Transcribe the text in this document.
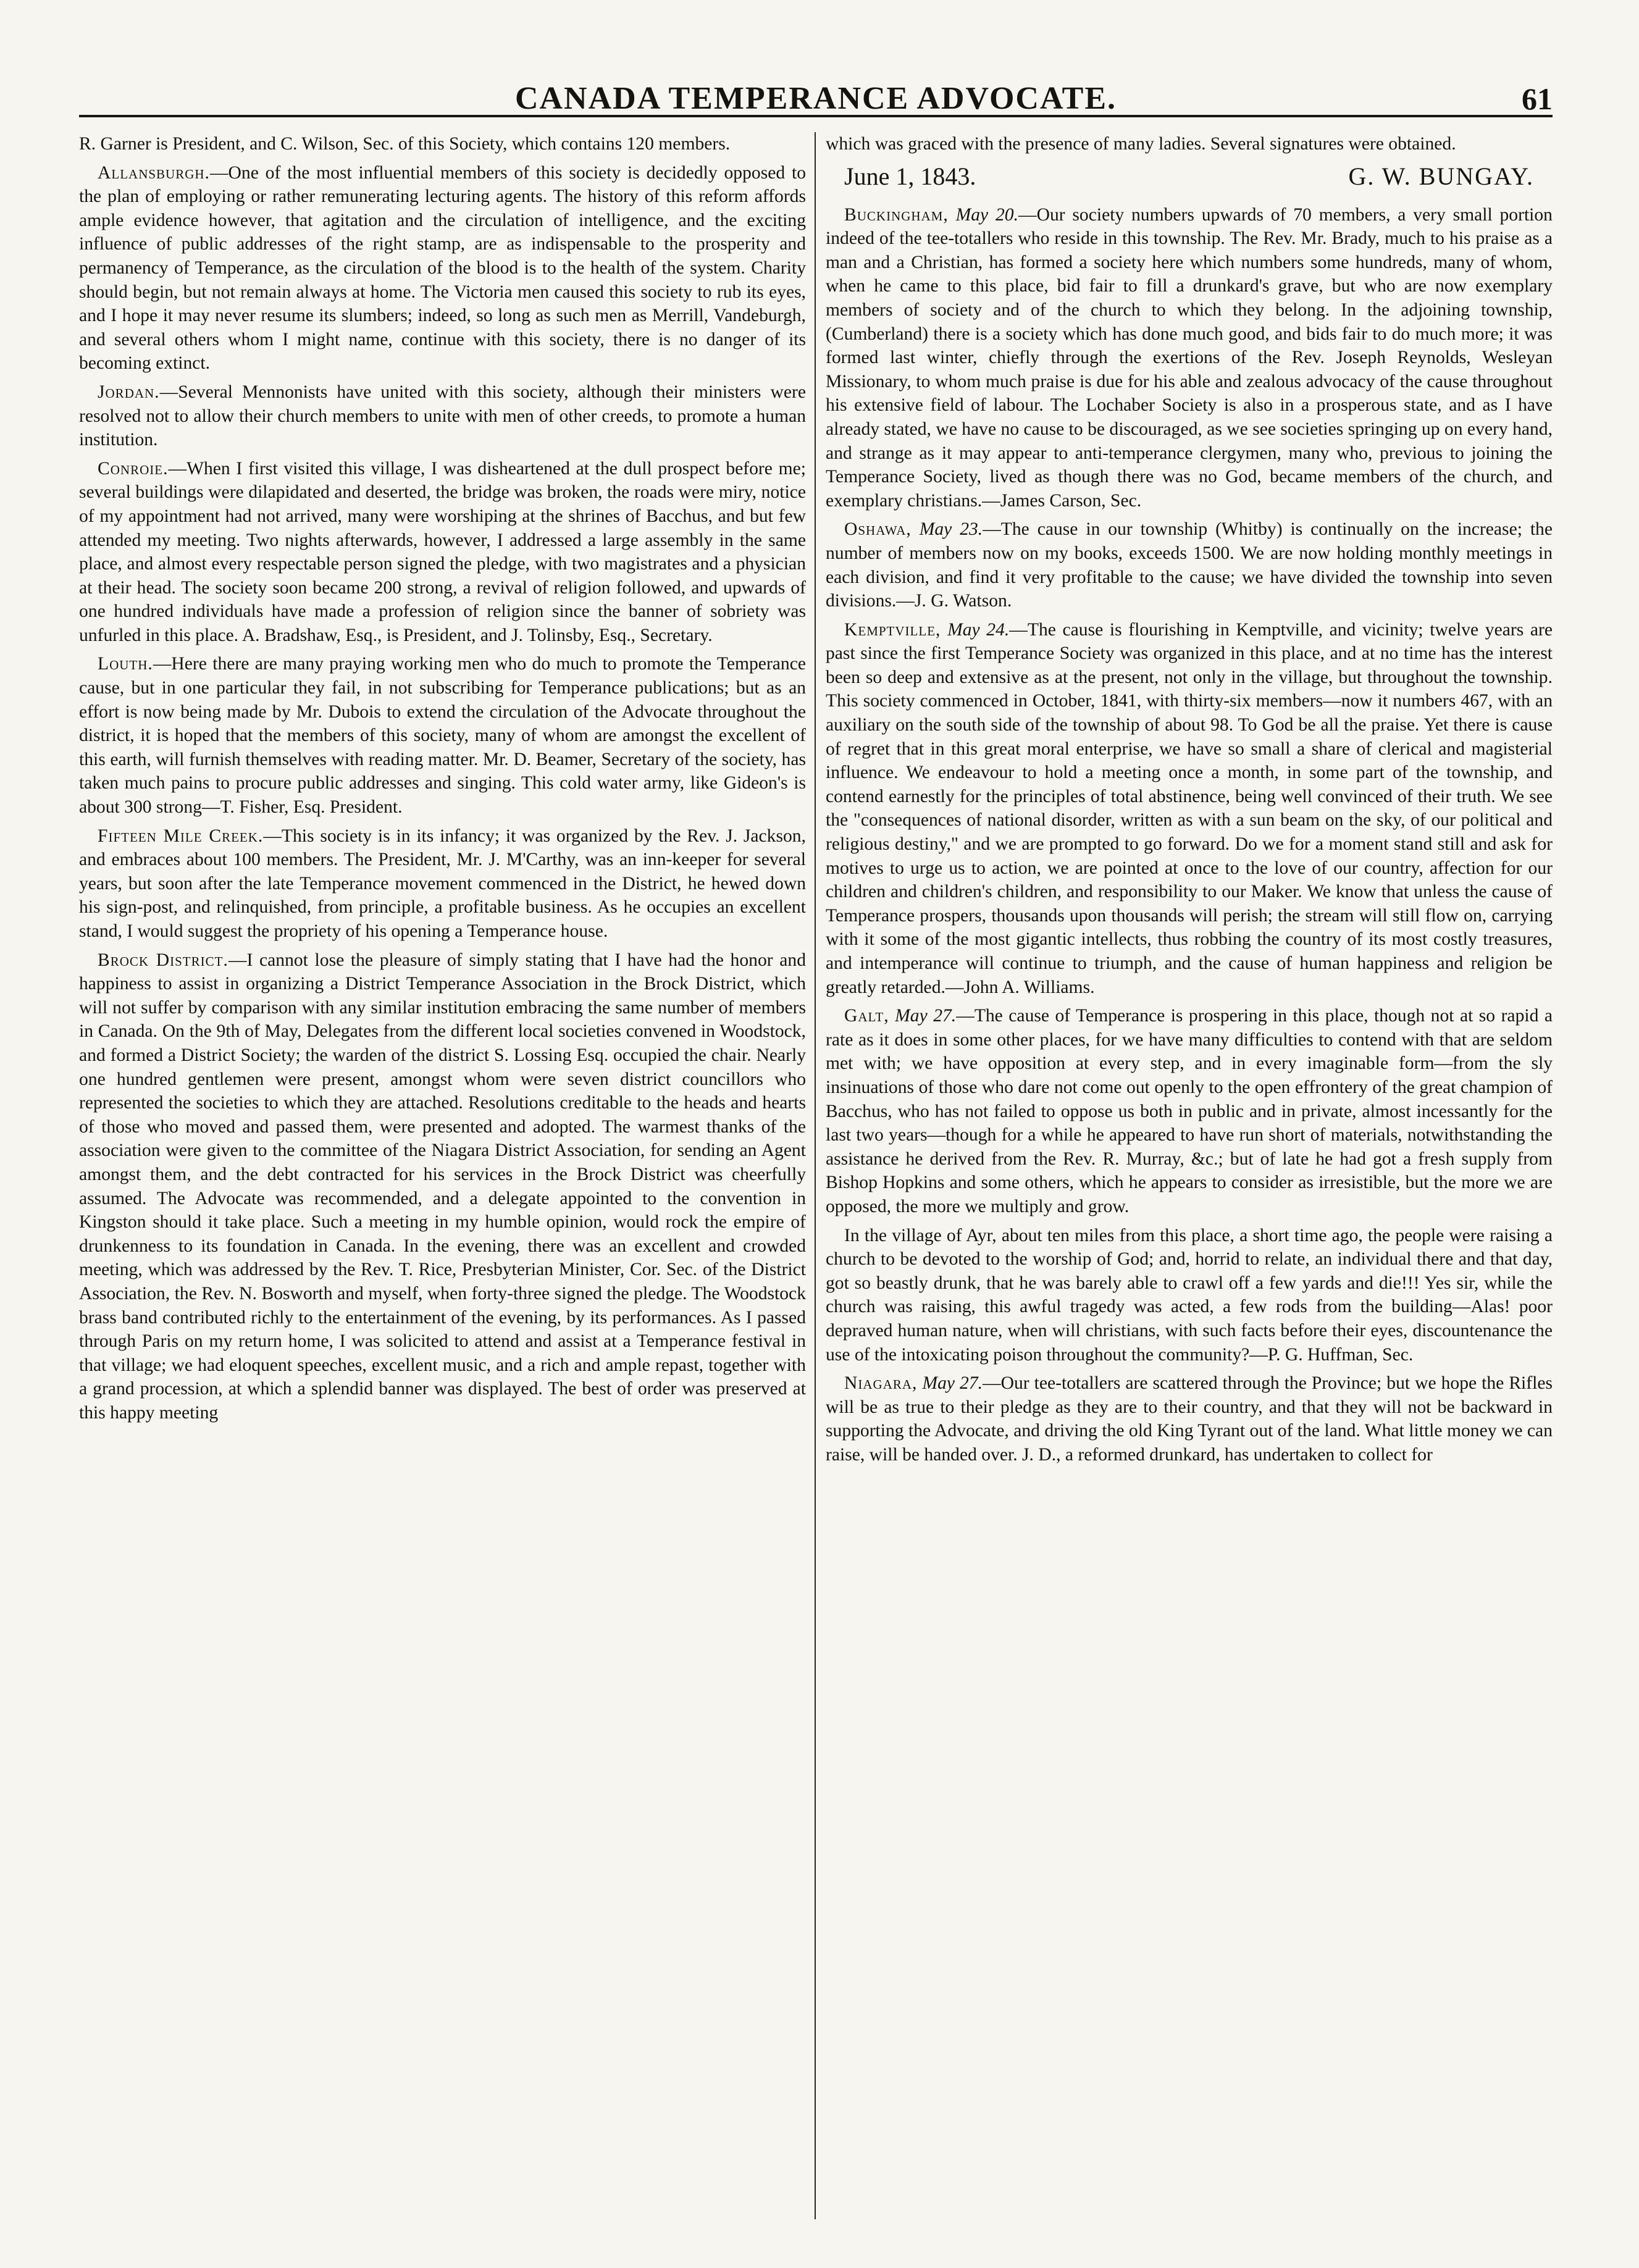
CANADA TEMPERANCE ADVOCATE.	61

R. Garner is President, and C. Wilson, Sec. of this Society, which contains 120 members.

Allansburgh.—One of the most influential members of this society is decidedly opposed to the plan of employing or rather remunerating lecturing agents. The history of this reform affords ample evidence however, that agitation and the circulation of intelligence, and the exciting influence of public addresses of the right stamp, are as indispensable to the prosperity and permanency of Temperance, as the circulation of the blood is to the health of the system. Charity should begin, but not remain always at home. The Victoria men caused this society to rub its eyes, and I hope it may never resume its slumbers; indeed, so long as such men as Merrill, Vandeburgh, and several others whom I might name, continue with this society, there is no danger of its becoming extinct.

Jordan.—Several Mennonists have united with this society, although their ministers were resolved not to allow their church members to unite with men of other creeds, to promote a human institution.

Conroie.—When I first visited this village, I was disheartened at the dull prospect before me; several buildings were dilapidated and deserted, the bridge was broken, the roads were miry, notice of my appointment had not arrived, many were worshiping at the shrines of Bacchus, and but few attended my meeting. Two nights afterwards, however, I addressed a large assembly in the same place, and almost every respectable person signed the pledge, with two magistrates and a physician at their head. The society soon became 200 strong, a revival of religion followed, and upwards of one hundred individuals have made a profession of religion since the banner of sobriety was unfurled in this place. A. Bradshaw, Esq., is President, and J. Tolinsby, Esq., Secretary.

Louth.—Here there are many praying working men who do much to promote the Temperance cause, but in one particular they fail, in not subscribing for Temperance publications; but as an effort is now being made by Mr. Dubois to extend the circulation of the Advocate throughout the district, it is hoped that the members of this society, many of whom are amongst the excellent of this earth, will furnish themselves with reading matter. Mr. D. Beamer, Secretary of the society, has taken much pains to procure public addresses and singing. This cold water army, like Gideon's is about 300 strong—T. Fisher, Esq. President.

Fifteen Mile Creek.—This society is in its infancy; it was organized by the Rev. J. Jackson, and embraces about 100 members. The President, Mr. J. M'Carthy, was an inn-keeper for several years, but soon after the late Temperance movement commenced in the District, he hewed down his sign-post, and relinquished, from principle, a profitable business. As he occupies an excellent stand, I would suggest the propriety of his opening a Temperance house.

Brock District.—I cannot lose the pleasure of simply stating that I have had the honor and happiness to assist in organizing a District Temperance Association in the Brock District, which will not suffer by comparison with any similar institution embracing the same number of members in Canada. On the 9th of May, Delegates from the different local societies convened in Woodstock, and formed a District Society; the warden of the district S. Lossing Esq. occupied the chair. Nearly one hundred gentlemen were present, amongst whom were seven district councillors who represented the societies to which they are attached. Resolutions creditable to the heads and hearts of those who moved and passed them, were presented and adopted. The warmest thanks of the association were given to the committee of the Niagara District Association, for sending an Agent amongst them, and the debt contracted for his services in the Brock District was cheerfully assumed. The Advocate was recommended, and a delegate appointed to the convention in Kingston should it take place. Such a meeting in my humble opinion, would rock the empire of drunkenness to its foundation in Canada. In the evening, there was an excellent and crowded meeting, which was addressed by the Rev. T. Rice, Presbyterian Minister, Cor. Sec. of the District Association, the Rev. N. Bosworth and myself, when forty-three signed the pledge. The Woodstock brass band contributed richly to the entertainment of the evening, by its performances. As I passed through Paris on my return home, I was solicited to attend and assist at a Temperance festival in that village; we had eloquent speeches, excellent music, and a rich and ample repast, together with a grand procession, at which a splendid banner was displayed. The best of order was preserved at this happy meeting

which was graced with the presence of many ladies. Several signatures were obtained.

June 1, 1843.	G. W. BUNGAY.

Buckingham, May 20.—Our society numbers upwards of 70 members, a very small portion indeed of the tee-totallers who reside in this township. The Rev. Mr. Brady, much to his praise as a man and a Christian, has formed a society here which numbers some hundreds, many of whom, when he came to this place, bid fair to fill a drunkard's grave, but who are now exemplary members of society and of the church to which they belong. In the adjoining township, (Cumberland) there is a society which has done much good, and bids fair to do much more; it was formed last winter, chiefly through the exertions of the Rev. Joseph Reynolds, Wesleyan Missionary, to whom much praise is due for his able and zealous advocacy of the cause throughout his extensive field of labour. The Lochaber Society is also in a prosperous state, and as I have already stated, we have no cause to be discouraged, as we see societies springing up on every hand, and strange as it may appear to anti-temperance clergymen, many who, previous to joining the Temperance Society, lived as though there was no God, became members of the church, and exemplary christians.—James Carson, Sec.

Oshawa, May 23.—The cause in our township (Whitby) is continually on the increase; the number of members now on my books, exceeds 1500. We are now holding monthly meetings in each division, and find it very profitable to the cause; we have divided the township into seven divisions.—J. G. Watson.

Kemptville, May 24.—The cause is flourishing in Kemptville, and vicinity; twelve years are past since the first Temperance Society was organized in this place, and at no time has the interest been so deep and extensive as at the present, not only in the village, but throughout the township. This society commenced in October, 1841, with thirty-six members—now it numbers 467, with an auxiliary on the south side of the township of about 98. To God be all the praise. Yet there is cause of regret that in this great moral enterprise, we have so small a share of clerical and magisterial influence. We endeavour to hold a meeting once a month, in some part of the township, and contend earnestly for the principles of total abstinence, being well convinced of their truth. We see the "consequences of national disorder, written as with a sun beam on the sky, of our political and religious destiny," and we are prompted to go forward. Do we for a moment stand still and ask for motives to urge us to action, we are pointed at once to the love of our country, affection for our children and children's children, and responsibility to our Maker. We know that unless the cause of Temperance prospers, thousands upon thousands will perish; the stream will still flow on, carrying with it some of the most gigantic intellects, thus robbing the country of its most costly treasures, and intemperance will continue to triumph, and the cause of human happiness and religion be greatly retarded.—John A. Williams.

Galt, May 27.—The cause of Temperance is prospering in this place, though not at so rapid a rate as it does in some other places, for we have many difficulties to contend with that are seldom met with; we have opposition at every step, and in every imaginable form—from the sly insinuations of those who dare not come out openly to the open effrontery of the great champion of Bacchus, who has not failed to oppose us both in public and in private, almost incessantly for the last two years—though for a while he appeared to have run short of materials, notwithstanding the assistance he derived from the Rev. R. Murray, &c.; but of late he had got a fresh supply from Bishop Hopkins and some others, which he appears to consider as irresistible, but the more we are opposed, the more we multiply and grow.

In the village of Ayr, about ten miles from this place, a short time ago, the people were raising a church to be devoted to the worship of God; and, horrid to relate, an individual there and that day, got so beastly drunk, that he was barely able to crawl off a few yards and die!!! Yes sir, while the church was raising, this awful tragedy was acted, a few rods from the building—Alas! poor depraved human nature, when will christians, with such facts before their eyes, discountenance the use of the intoxicating poison throughout the community?—P. G. Huffman, Sec.

Niagara, May 27.—Our tee-totallers are scattered through the Province; but we hope the Rifles will be as true to their pledge as they are to their country, and that they will not be backward in supporting the Advocate, and driving the old King Tyrant out of the land. What little money we can raise, will be handed over. J. D., a reformed drunkard, has undertaken to collect for
